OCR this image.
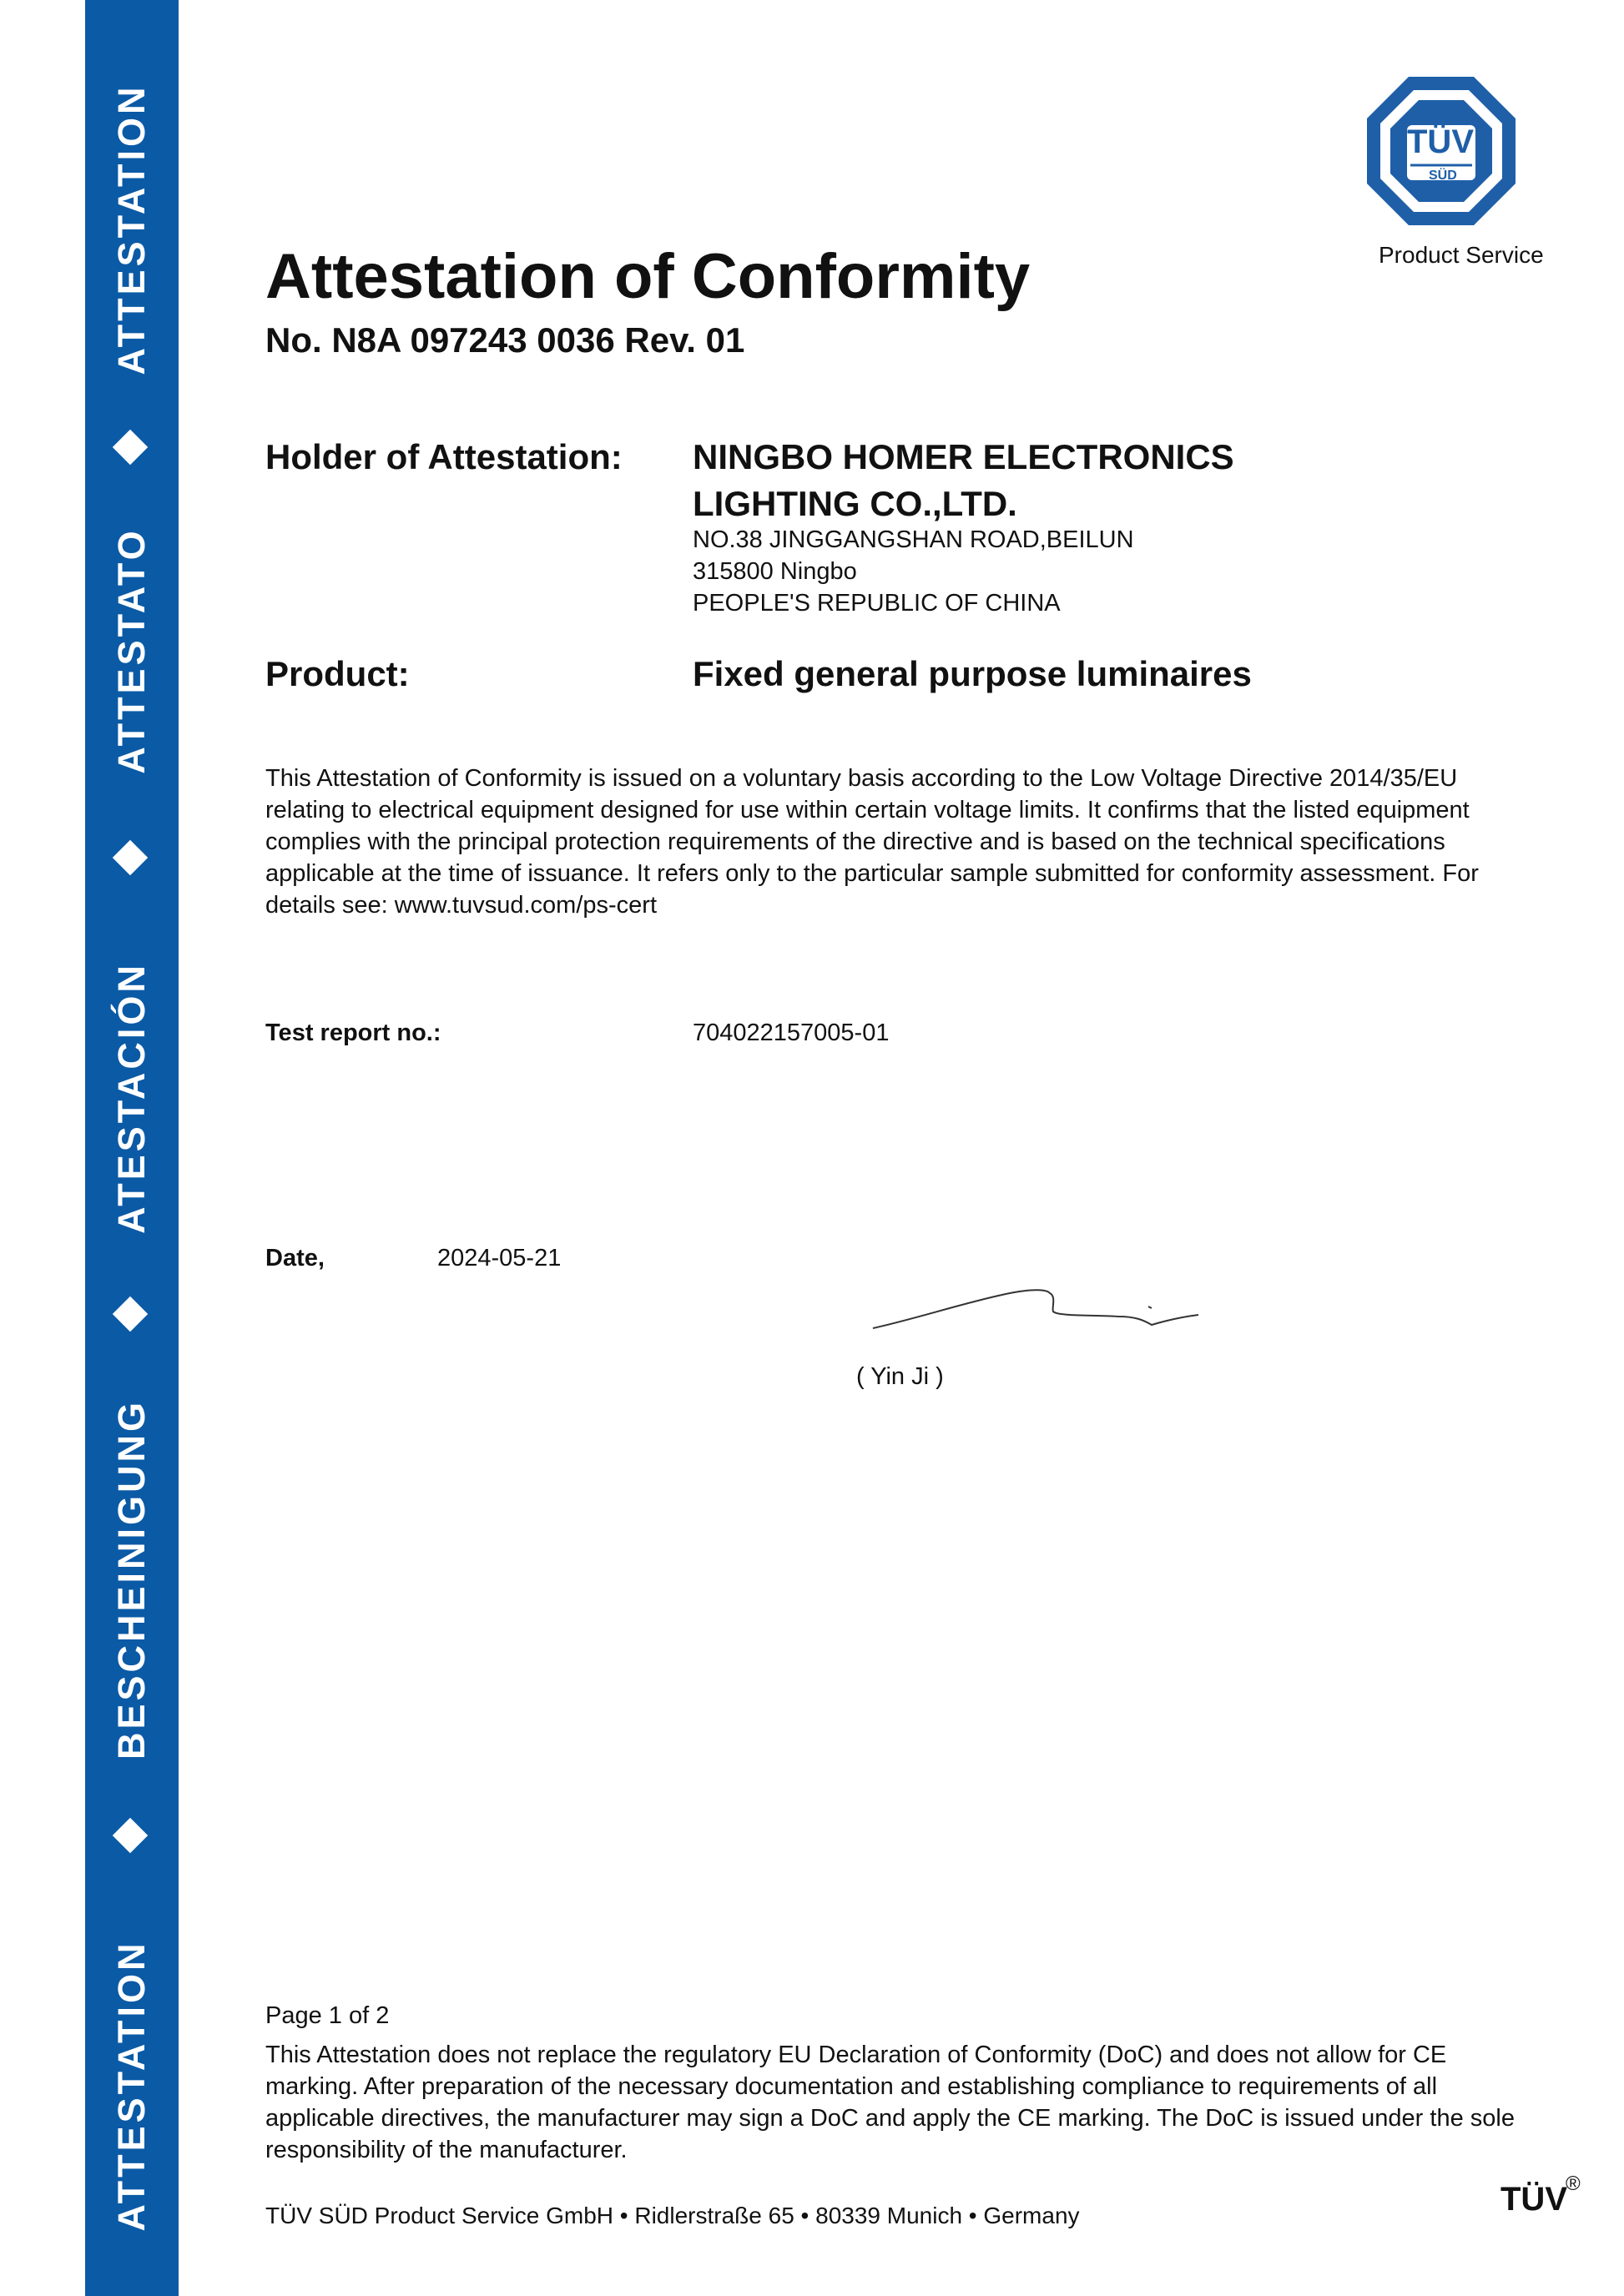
ATTESTATION
ATTESTATO
ATESTACIÓN
BESCHEINIGUNG
ATTESTATION
TÜV
SÜD
Product Service
Attestation of Conformity
No. N8A 097243 0036 Rev. 01
Holder of Attestation: NINGBO HOMER ELECTRONICS
LIGHTING CO.,LTD.
NO.38 JINGGANGSHAN ROAD,BEILUN
315800 Ningbo
PEOPLE'S REPUBLIC OF CHINA
Product:	Fixed general purpose luminaires
This Attestation of Conformity is issued on a voluntary basis according to the Low Voltage Directive 2014/35/EU relating to electrical equipment designed for use within certain voltage limits. It confirms that the listed equipment complies with the principal protection requirements of the directive and is based on the technical specifications applicable at the time of issuance. It refers only to the particular sample submitted for conformity assessment. For details see: www.tuvsud.com/ps-cert
Test report no.:	704022157005-01
Date,	2024-05-21
( Yin Ji )
Page 1 of 2
This Attestation does not replace the regulatory EU Declaration of Conformity (DoC) and does not allow for CE marking. After preparation of the necessary documentation and establishing compliance to requirements of all applicable directives, the manufacturer may sign a DoC and apply the CE marking. The DoC is issued under the sole responsibility of the manufacturer.
TÜV SÜD Product Service GmbH • Ridlerstraße 65 • 80339 Munich • Germany	TÜV
®
